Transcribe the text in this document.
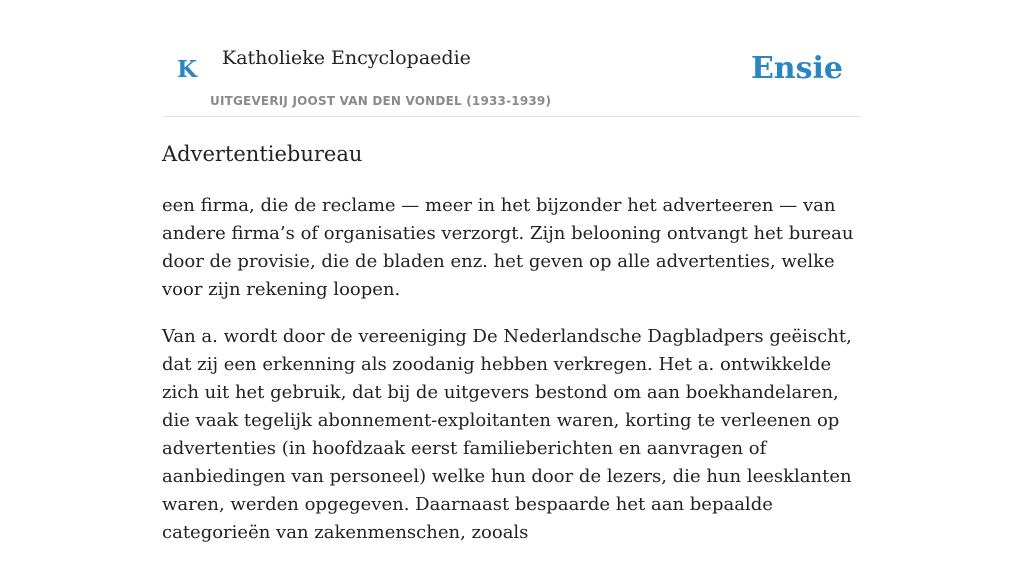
K Katholieke Encyclopaedie
UITGEVERIJ JOOST VAN DEN VONDEL (1933-1939)
Ensie
Advertentiebureau

een firma, die de reclame — meer in het bijzonder het adverteeren — van andere firma’s of organisaties verzorgt. Zijn belooning ontvangt het bureau door de provisie, die de bladen enz. het geven op alle advertenties, welke voor zijn rekening loopen.

Van a. wordt door de vereeniging De Nederlandsche Dagbladpers geëischt, dat zij een erkenning als zoodanig hebben verkregen. Het a. ontwikkelde zich uit het gebruik, dat bij de uitgevers bestond om aan boekhandelaren, die vaak tegelijk abonnement-exploitanten waren, korting te verleenen op advertenties (in hoofdzaak eerst familieberichten en aanvragen of aanbiedingen van personeel) welke hun door de lezers, die hun leesklanten waren, werden opgegeven. Daarnaast bespaarde het aan bepaalde categorieën van zakenmenschen, zooals
